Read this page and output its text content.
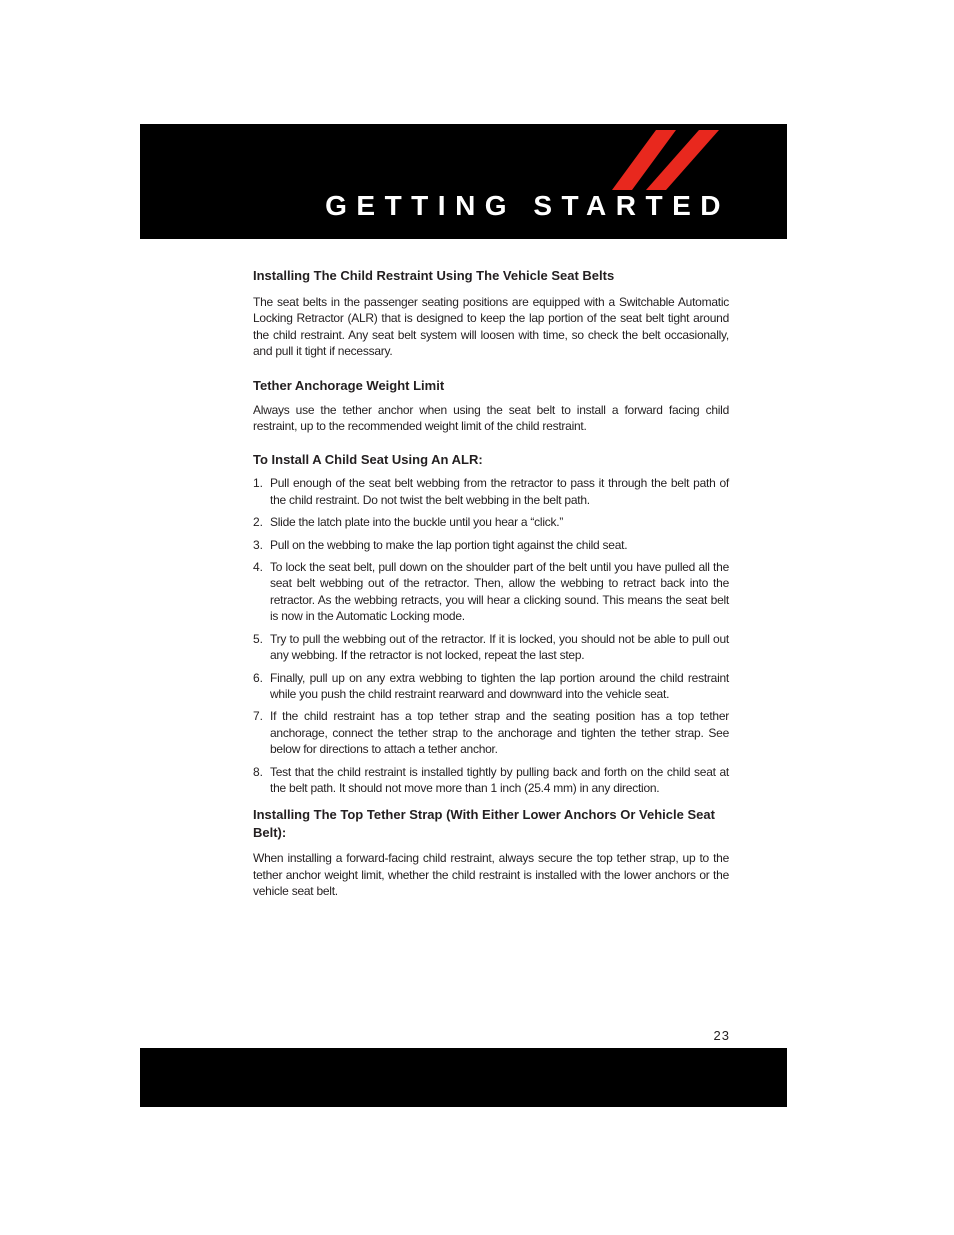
GETTING STARTED
Installing The Child Restraint Using The Vehicle Seat Belts

The seat belts in the passenger seating positions are equipped with a Switchable Automatic Locking Retractor (ALR) that is designed to keep the lap portion of the seat belt tight around the child restraint. Any seat belt system will loosen with time, so check the belt occasionally, and pull it tight if necessary.

Tether Anchorage Weight Limit

Always use the tether anchor when using the seat belt to install a forward facing child restraint, up to the recommended weight limit of the child restraint.

To Install A Child Seat Using An ALR:
1. Pull enough of the seat belt webbing from the retractor to pass it through the belt path of the child restraint. Do not twist the belt webbing in the belt path.

2. Slide the latch plate into the buckle until you hear a “click.”

3. Pull on the webbing to make the lap portion tight against the child seat.

4. To lock the seat belt, pull down on the shoulder part of the belt until you have pulled all the seat belt webbing out of the retractor. Then, allow the webbing to retract back into the retractor. As the webbing retracts, you will hear a clicking sound. This means the seat belt is now in the Automatic Locking mode.

5. Try to pull the webbing out of the retractor. If it is locked, you should not be able to pull out any webbing. If the retractor is not locked, repeat the last step.

6. Finally, pull up on any extra webbing to tighten the lap portion around the child restraint while you push the child restraint rearward and downward into the vehicle seat.

7. If the child restraint has a top tether strap and the seating position has a top tether anchorage, connect the tether strap to the anchorage and tighten the tether strap. See below for directions to attach a tether anchor.

8. Test that the child restraint is installed tightly by pulling back and forth on the child seat at the belt path. It should not move more than 1 inch (25.4 mm) in any direction.

Installing The Top Tether Strap (With Either Lower Anchors Or Vehicle Seat Belt):

When installing a forward-facing child restraint, always secure the top tether strap, up to the tether anchor weight limit, whether the child restraint is installed with the lower anchors or the vehicle seat belt.

23
